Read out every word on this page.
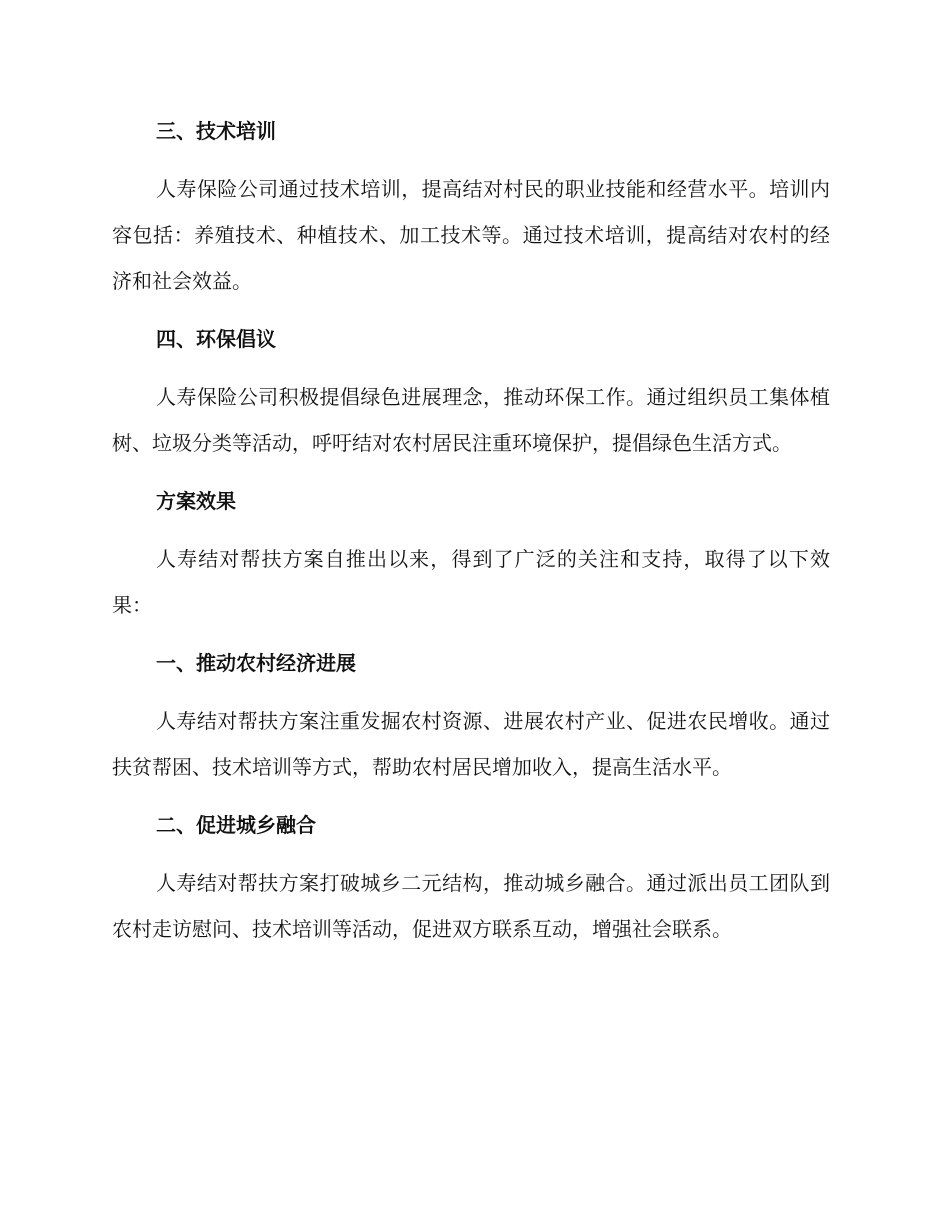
三、技术培训
人寿保险公司通过技术培训，提高结对村民的职业技能和经营水平。培训内容包括：养殖技术、种植技术、加工技术等。通过技术培训，提高结对农村的经济和社会效益。
四、环保倡议
人寿保险公司积极提倡绿色进展理念，推动环保工作。通过组织员工集体植树、垃圾分类等活动，呼吁结对农村居民注重环境保护，提倡绿色生活方式。
方案效果
人寿结对帮扶方案自推出以来，得到了广泛的关注和支持，取得了以下效果：
一、推动农村经济进展
人寿结对帮扶方案注重发掘农村资源、进展农村产业、促进农民增收。通过扶贫帮困、技术培训等方式，帮助农村居民增加收入，提高生活水平。
二、促进城乡融合
人寿结对帮扶方案打破城乡二元结构，推动城乡融合。通过派出员工团队到农村走访慰问、技术培训等活动，促进双方联系互动，增强社会联系。
